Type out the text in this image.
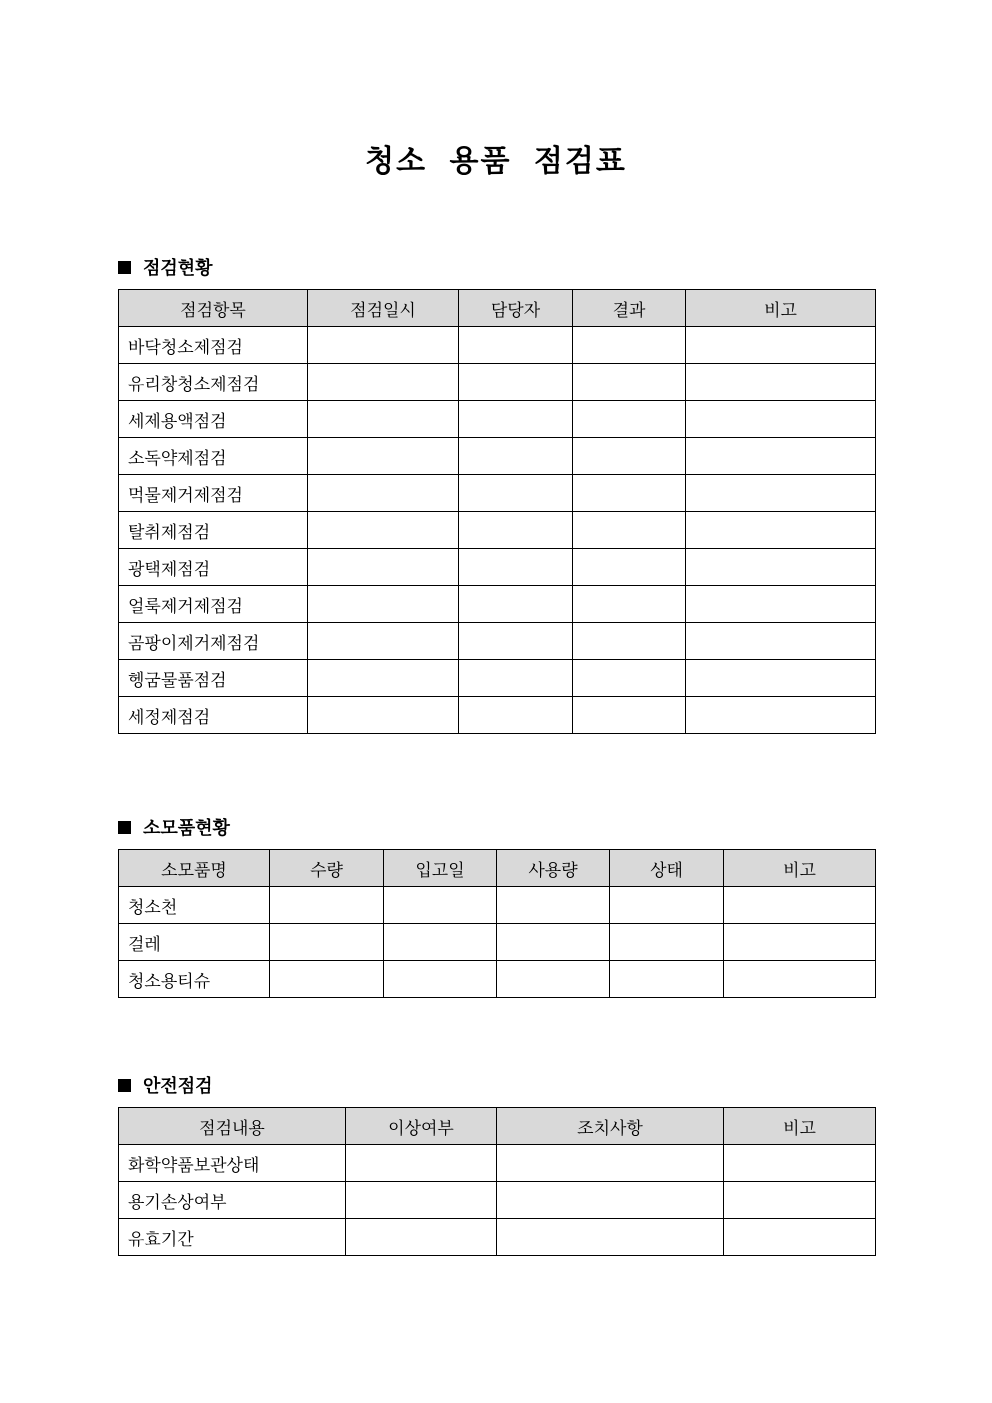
청소 용품 점검표
점검현황
점검항목	점검일시	담당자	결과	비고
바닥청소제점검				
유리창청소제점검				
세제용액점검				
소독약제점검				
먹물제거제점검				
탈취제점검				
광택제점검				
얼룩제거제점검				
곰팡이제거제점검				
헹굼물품점검				
세정제점검				
소모품현황
소모품명	수량	입고일	사용량	상태	비고
청소천					
걸레					
청소용티슈					
안전점검
점검내용	이상여부	조치사항	비고
화학약품보관상태			
용기손상여부			
유효기간			
